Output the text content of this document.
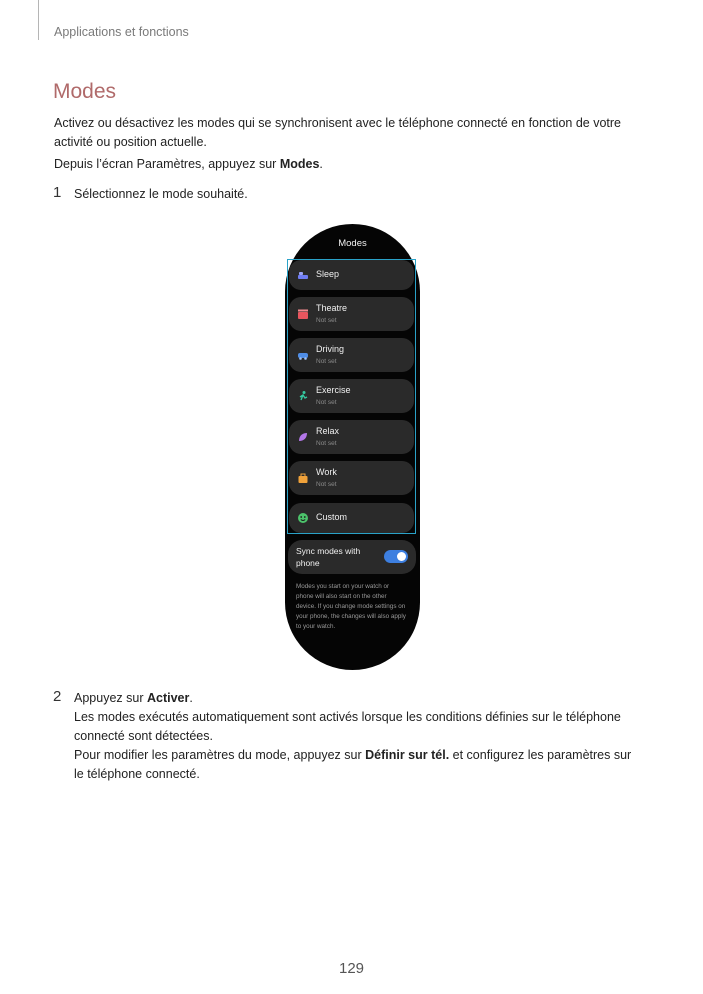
Applications et fonctions
Modes
Activez ou désactivez les modes qui se synchronisent avec le téléphone connecté en fonction de votre activité ou position actuelle.
Depuis l’écran Paramètres, appuyez sur Modes.
1 Sélectionnez le mode souhaité.
Modes
Sleep
Theatre
Not set
Driving
Not set
Exercise
Not set
Relax
Not set
Work
Not set
Custom
Sync modes with phone
Modes you start on your watch or phone will also start on the other device. If you change mode settings on your phone, the changes will also apply to your watch.
2 Appuyez sur Activer.
Les modes exécutés automatiquement sont activés lorsque les conditions définies sur le téléphone connecté sont détectées.
Pour modifier les paramètres du mode, appuyez sur Définir sur tél. et configurez les paramètres sur le téléphone connecté.
129
